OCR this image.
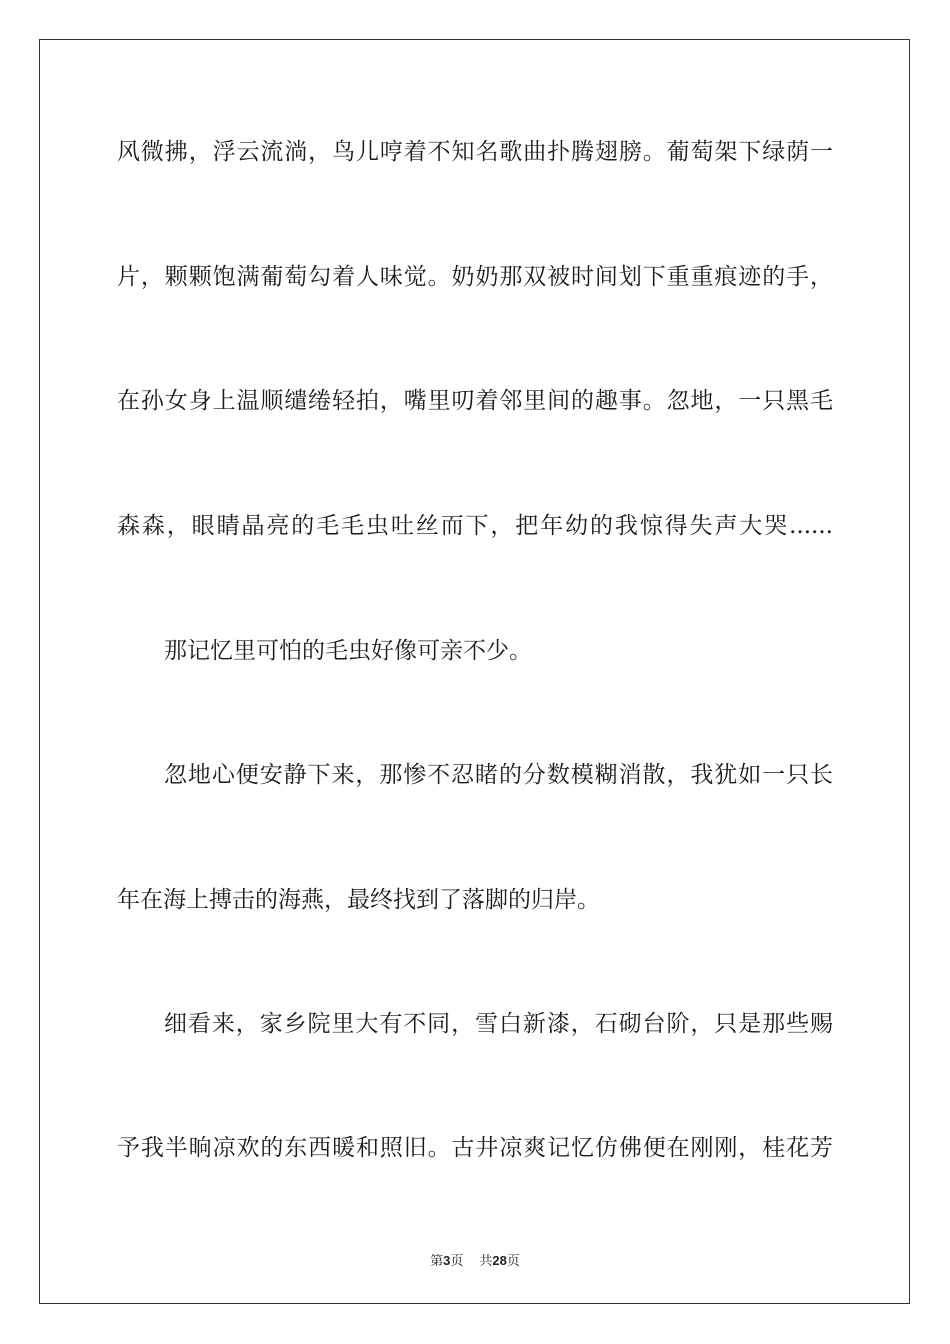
风微拂，浮云流淌，鸟儿哼着不知名歌曲扑腾翅膀。葡萄架下绿荫一
片，颗颗饱满葡萄勾着人味觉。奶奶那双被时间划下重重痕迹的手，
在孙女身上温顺缱绻轻拍，嘴里叨着邻里间的趣事。忽地，一只黑毛
森森，眼睛晶亮的毛毛虫吐丝而下，把年幼的我惊得失声大哭......
那记忆里可怕的毛虫好像可亲不少。
忽地心便安静下来，那惨不忍睹的分数模糊消散，我犹如一只长
年在海上搏击的海燕，最终找到了落脚的归岸。
细看来，家乡院里大有不同，雪白新漆，石砌台阶，只是那些赐
予我半晌凉欢的东西暖和照旧。古井凉爽记忆仿佛便在刚刚，桂花芳
第3页 共28页
